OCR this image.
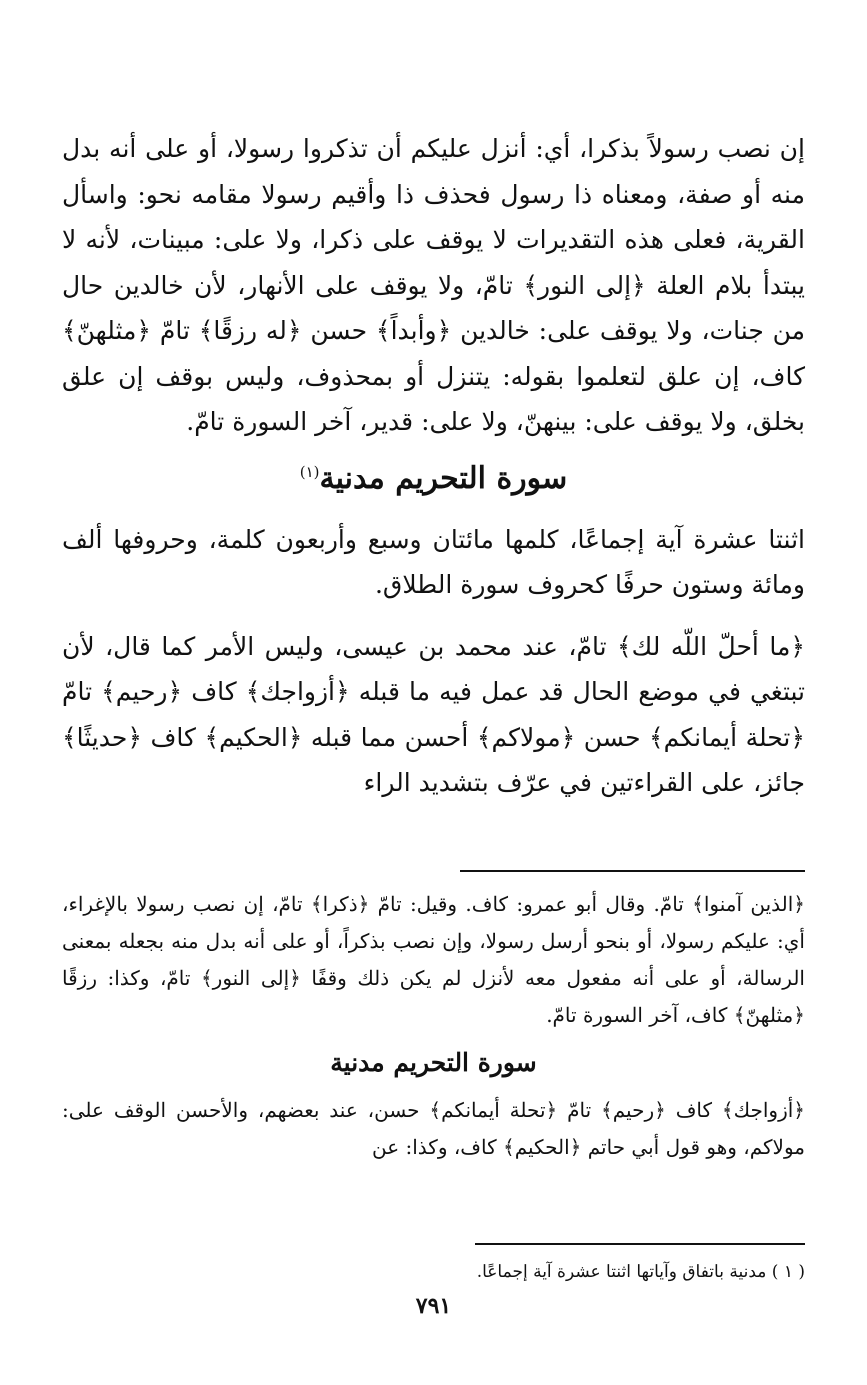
إن نصب رسولاً بذكرا، أي: أنزل عليكم أن تذكروا رسولا، أو على أنه بدل منه أو صفة، ومعناه ذا رسول فحذف ذا وأقيم رسولا مقامه نحو: واسأل القرية، فعلى هذه التقديرات لا يوقف على ذكرا، ولا على: مبينات، لأنه لا يبتدأ بلام العلة ﴿إلى النور﴾ تامّ، ولا يوقف على الأنهار، لأن خالدين حال من جنات، ولا يوقف على: خالدين ﴿وأبداً﴾ حسن ﴿له رزقًا﴾ تامّ ﴿مثلهنّ﴾ كاف، إن علق لتعلموا بقوله: يتنزل أو بمحذوف، وليس بوقف إن علق بخلق، ولا يوقف على: بينهنّ، ولا على: قدير، آخر السورة تامّ.

سورة التحريم مدنية$^{(١)}$

اثنتا عشرة آية إجماعًا، كلمها مائتان وسبع وأربعون كلمة، وحروفها ألف ومائة وستون حرفًا كحروف سورة الطلاق.

﴿ما أحلّ اللّه لك﴾ تامّ، عند محمد بن عيسى، وليس الأمر كما قال، لأن تبتغي في موضع الحال قد عمل فيه ما قبله ﴿أزواجك﴾ كاف ﴿رحيم﴾ تامّ ﴿تحلة أيمانكم﴾ حسن ﴿مولاكم﴾ أحسن مما قبله ﴿الحكيم﴾ كاف ﴿حديثًا﴾ جائز، على القراءتين في عرّف بتشديد الراء

﴿الذين آمنوا﴾ تامّ. وقال أبو عمرو: كاف. وقيل: تامّ ﴿ذكرا﴾ تامّ، إن نصب رسولا بالإغراء، أي: عليكم رسولا، أو بنحو أرسل رسولا، وإن نصب بذكراً، أو على أنه بدل منه بجعله بمعنى الرسالة، أو على أنه مفعول معه لأنزل لم يكن ذلك وقفًا ﴿إلى النور﴾ تامّ، وكذا: رزقًا ﴿مثلهنّ﴾ كاف، آخر السورة تامّ.

سورة التحريم مدنية

﴿أزواجك﴾ كاف ﴿رحيم﴾ تامّ ﴿تحلة أيمانكم﴾ حسن، عند بعضهم، والأحسن الوقف على: مولاكم، وهو قول أبي حاتم ﴿الحكيم﴾ كاف، وكذا: عن

( ١ ) مدنية باتفاق وآياتها اثنتا عشرة آية إجماعًا.
٧٩١
